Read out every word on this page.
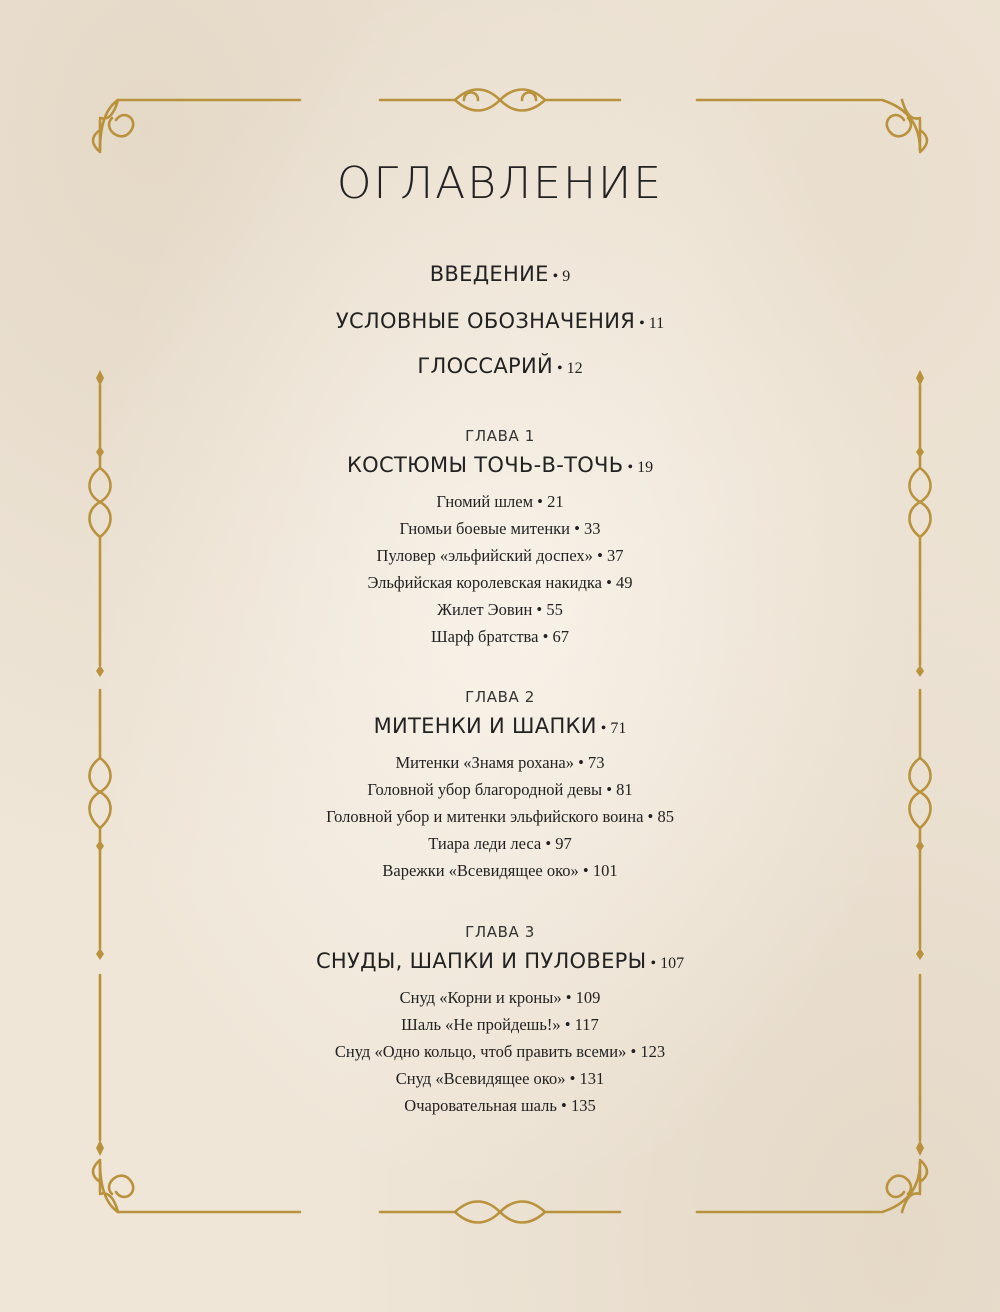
ОГЛАВЛЕНИЕ
ВВЕДЕНИЕ • 9
УСЛОВНЫЕ ОБОЗНАЧЕНИЯ • 11
ГЛОССАРИЙ • 12
ГЛАВА 1
КОСТЮМЫ ТОЧЬ-В-ТОЧЬ • 19
Гномий шлем • 21
Гномьи боевые митенки • 33
Пуловер «эльфийский доспех» • 37
Эльфийская королевская накидка • 49
Жилет Эовин • 55
Шарф братства • 67
ГЛАВА 2
МИТЕНКИ И ШАПКИ • 71
Митенки «Знамя рохана» • 73
Головной убор благородной девы • 81
Головной убор и митенки эльфийского воина • 85
Тиара леди леса • 97
Варежки «Всевидящее око» • 101
ГЛАВА 3
СНУДЫ, ШАПКИ И ПУЛОВЕРЫ • 107
Снуд «Корни и кроны» • 109
Шаль «Не пройдешь!» • 117
Снуд «Одно кольцо, чтоб править всеми» • 123
Снуд «Всевидящее око» • 131
Очаровательная шаль • 135
